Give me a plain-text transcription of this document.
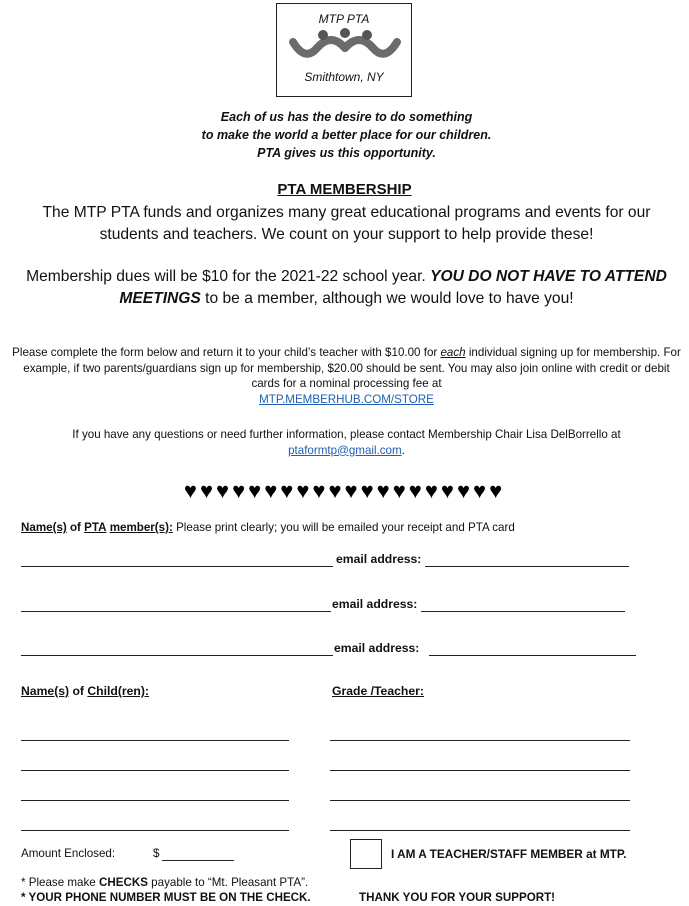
MTP PTA
Smithtown, NY
Each of us has the desire to do something
to make the world a better place for our children.
PTA gives us this opportunity.
PTA MEMBERSHIP
The MTP PTA funds and organizes many great educational programs and events for our students and teachers. We count on your support to help provide these!
Membership dues will be $10 for the 2021-22 school year. YOU DO NOT HAVE TO ATTEND MEETINGS to be a member, although we would love to have you!
Please complete the form below and return it to your child’s teacher with $10.00 for each individual signing up for membership. For example, if two parents/guardians sign up for membership, $20.00 should be sent. You may also join online with credit or debit cards for a nominal processing fee at
MTP.MEMBERHUB.COM/STORE
If you have any questions or need further information, please contact Membership Chair Lisa DelBorrello at
ptaformtp@gmail.com.
♥♥♥♥♥♥♥♥♥♥♥♥♥♥♥♥♥♥♥♥
Name(s) of PTA member(s): Please print clearly; you will be emailed your receipt and PTA card
email address:
email address:
email address:
Name(s) of Child(ren):	Grade /Teacher:
Amount Enclosed:	$	I AM A TEACHER/STAFF MEMBER at MTP.
* Please make CHECKS payable to “Mt. Pleasant PTA”.
* YOUR PHONE NUMBER MUST BE ON THE CHECK.	THANK YOU FOR YOUR SUPPORT!
